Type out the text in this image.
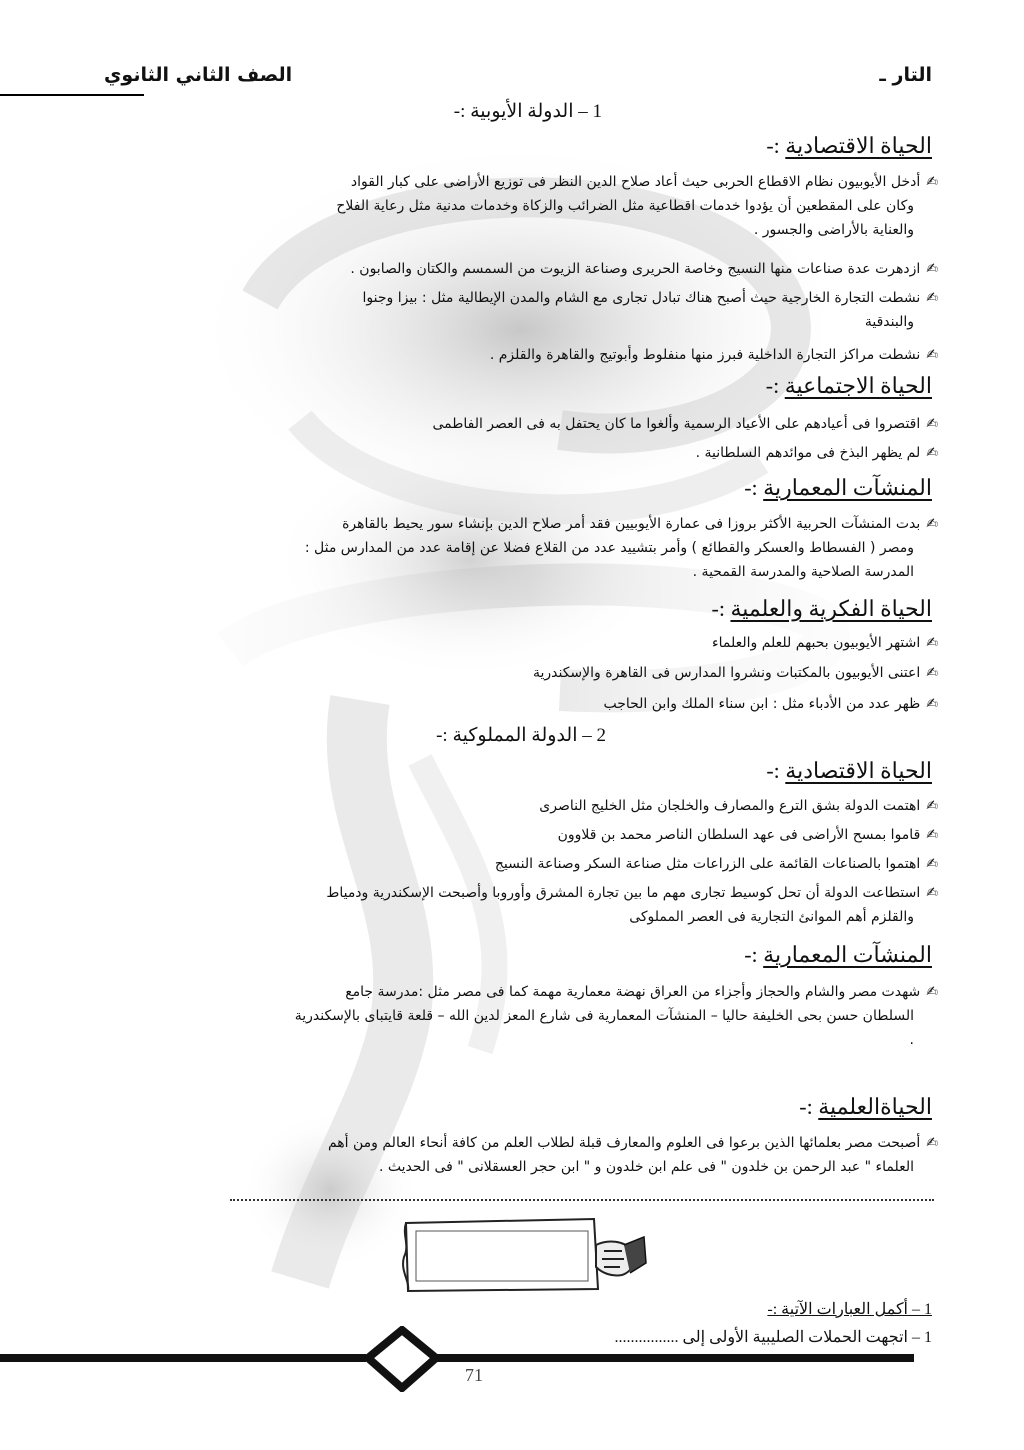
التار ـ
الصف الثاني الثانوي
1 – الدولة الأيوبية :-
الحياة الاقتصادية :-
✍أدخل الأيوبيون نظام الاقطاع الحربى حيث أعاد صلاح الدين النظر فى توزيع الأراضى على كبار القواد
وكان على المقطعين أن يؤدوا خدمات اقطاعية مثل الضرائب والزكاة وخدمات مدنية مثل رعاية الفلاح
والعناية بالأراضى والجسور .
✍ازدهرت عدة صناعات منها النسيج وخاصة الحريرى وصناعة الزيوت من السمسم والكتان والصابون .
✍نشطت التجارة الخارجية حيث أصبح هناك تبادل تجارى مع الشام والمدن الإيطالية مثل : بيزا وجنوا
والبندقية
✍نشطت مراكز التجارة الداخلية فبرز منها منفلوط وأبوتيج والقاهرة والقلزم .
الحياة الاجتماعية :-
✍اقتصروا فى أعيادهم على الأعياد الرسمية وألغوا ما كان يحتفل به فى العصر الفاطمى
✍لم يظهر البذخ فى موائدهم السلطانية .
المنشآت المعمارية :-
✍بدت المنشآت الحربية الأكثر بروزا فى عمارة الأيوبيين فقد أمر صلاح الدين بإنشاء سور يحيط بالقاهرة
ومصر ( الفسطاط والعسكر والقطائع ) وأمر بتشييد عدد من القلاع فضلا عن إقامة عدد من المدارس مثل :
المدرسة الصلاحية والمدرسة القمحية .
الحياة الفكرية والعلمية :-
✍اشتهر الأيوبيون بحبهم للعلم والعلماء
✍اعتنى الأيوبيون بالمكتبات ونشروا المدارس فى القاهرة والإسكندرية
✍ظهر عدد من الأدباء مثل : ابن سناء الملك وابن الحاجب
2 – الدولة المملوكية :-
الحياة الاقتصادية :-
✍اهتمت الدولة بشق الترع والمصارف والخلجان مثل الخليج الناصرى
✍قاموا بمسح الأراضى فى عهد السلطان الناصر محمد بن قلاوون
✍اهتموا بالصناعات القائمة على الزراعات مثل صناعة السكر وصناعة النسيج
✍استطاعت الدولة أن تحل كوسيط تجارى مهم ما بين تجارة المشرق وأوروبا وأصبحت الإسكندرية ودمياط
والقلزم أهم الموانئ التجارية فى العصر المملوكى
المنشآت المعمارية :-
✍شهدت مصر والشام والحجاز وأجزاء من العراق نهضة معمارية مهمة كما فى مصر مثل :مدرسة جامع
السلطان حسن بحى الخليفة حاليا – المنشآت المعمارية فى شارع المعز لدين الله – قلعة قايتباى بالإسكندرية
.
الحياةالعلمية :-
✍أصبحت مصر بعلمائها الذين برعوا فى العلوم والمعارف قبلة لطلاب العلم من كافة أنحاء العالم ومن أهم
العلماء " عبد الرحمن بن خلدون " فى علم ابن خلدون و " ابن حجر العسقلانى " فى الحديث .
1 – أكمل العبارات الآتية :-
1 – اتجهت الحملات الصليبية الأولى إلى ................
71
